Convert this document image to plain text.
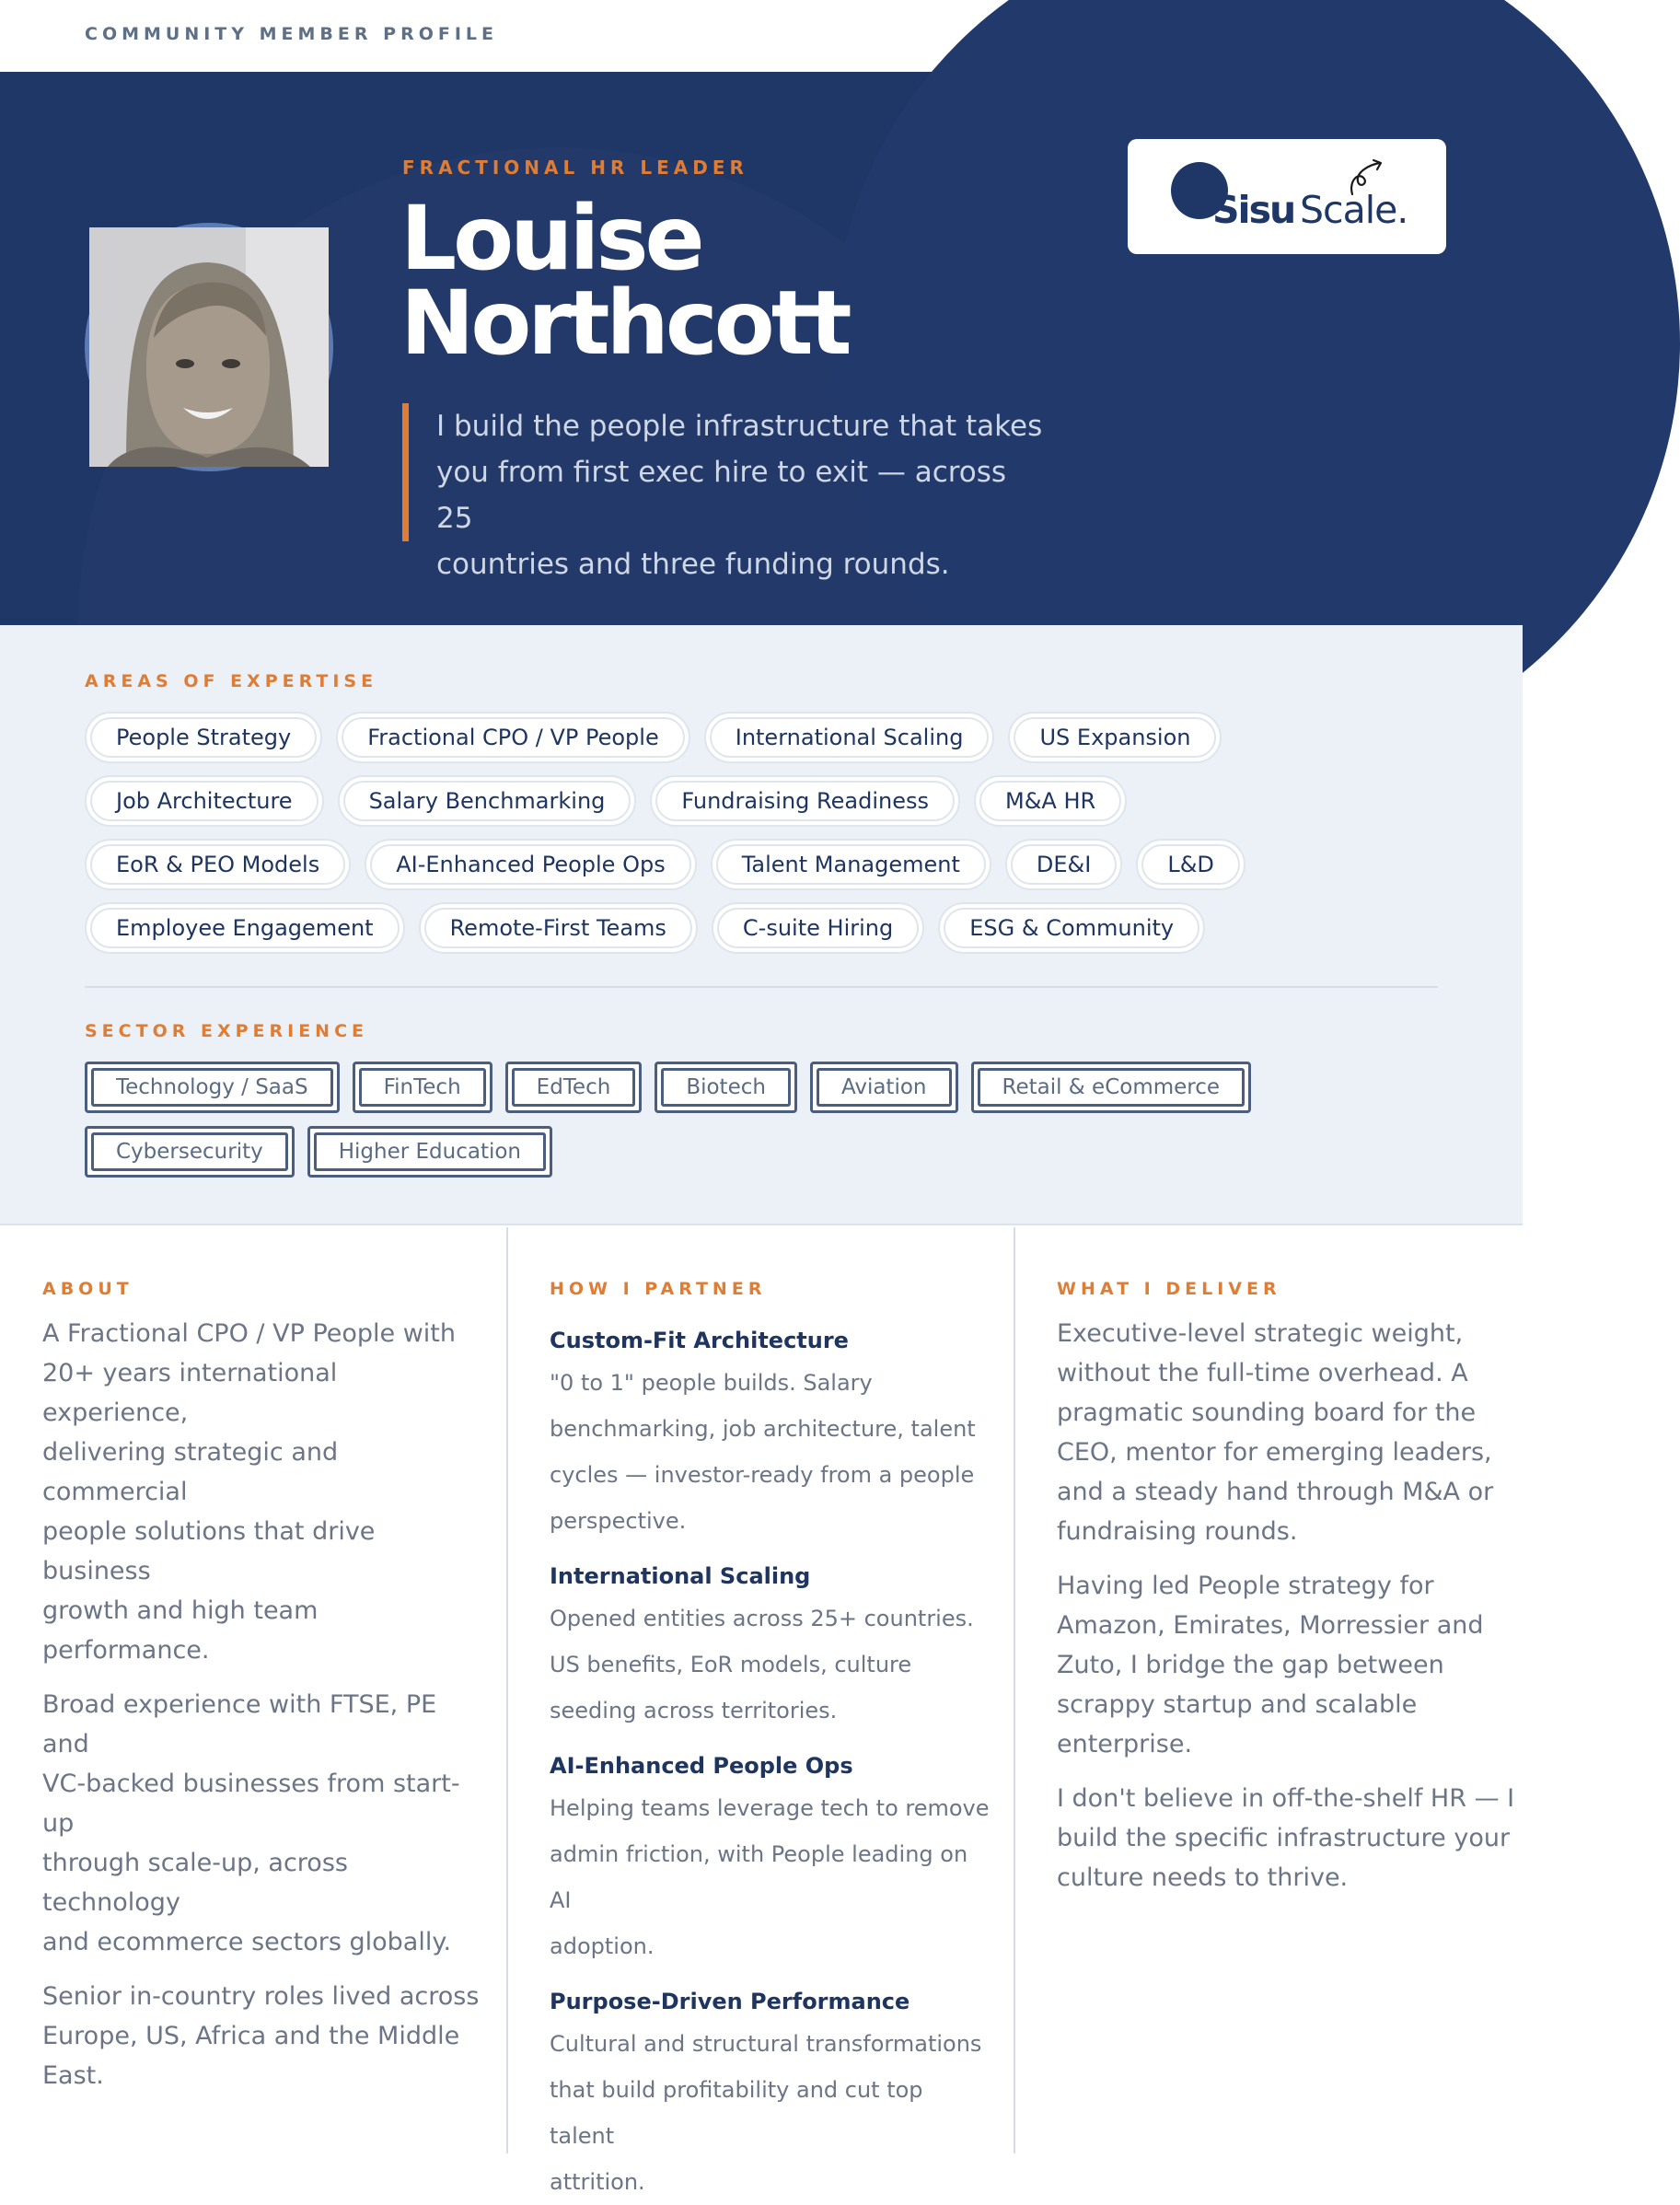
COMMUNITY MEMBER PROFILE
FRACTIONAL HR LEADER
Louise
Northcott
I build the people infrastructure that takes
you from first exec hire to exit — across 25
countries and three funding rounds.
Sisu Scale.
AREAS OF EXPERTISE
People Strategy	Fractional CPO / VP People	International Scaling	US Expansion
Job Architecture	Salary Benchmarking	Fundraising Readiness	M&A HR
EoR & PEO Models	AI-Enhanced People Ops	Talent Management	DE&I	L&D
Employee Engagement	Remote-First Teams	C-suite Hiring	ESG & Community
SECTOR EXPERIENCE
Technology / SaaS	FinTech	EdTech	Biotech	Aviation	Retail & eCommerce
Cybersecurity	Higher Education
ABOUT
A Fractional CPO / VP People with
20+ years international experience,
delivering strategic and commercial
people solutions that drive business
growth and high team performance.
Broad experience with FTSE, PE and
VC-backed businesses from start-up
through scale-up, across technology
and ecommerce sectors globally.
Senior in-country roles lived across
Europe, US, Africa and the Middle
East.
HOW I PARTNER
Custom-Fit Architecture
"0 to 1" people builds. Salary
benchmarking, job architecture, talent
cycles — investor-ready from a people
perspective.
International Scaling
Opened entities across 25+ countries.
US benefits, EoR models, culture
seeding across territories.
AI-Enhanced People Ops
Helping teams leverage tech to remove
admin friction, with People leading on AI
adoption.
Purpose-Driven Performance
Cultural and structural transformations
that build profitability and cut top talent
attrition.
WHAT I DELIVER
Executive-level strategic weight,
without the full-time overhead. A
pragmatic sounding board for the
CEO, mentor for emerging leaders,
and a steady hand through M&A or
fundraising rounds.
Having led People strategy for
Amazon, Emirates, Morressier and
Zuto, I bridge the gap between
scrappy startup and scalable
enterprise.
I don't believe in off-the-shelf HR — I
build the specific infrastructure your
culture needs to thrive.
